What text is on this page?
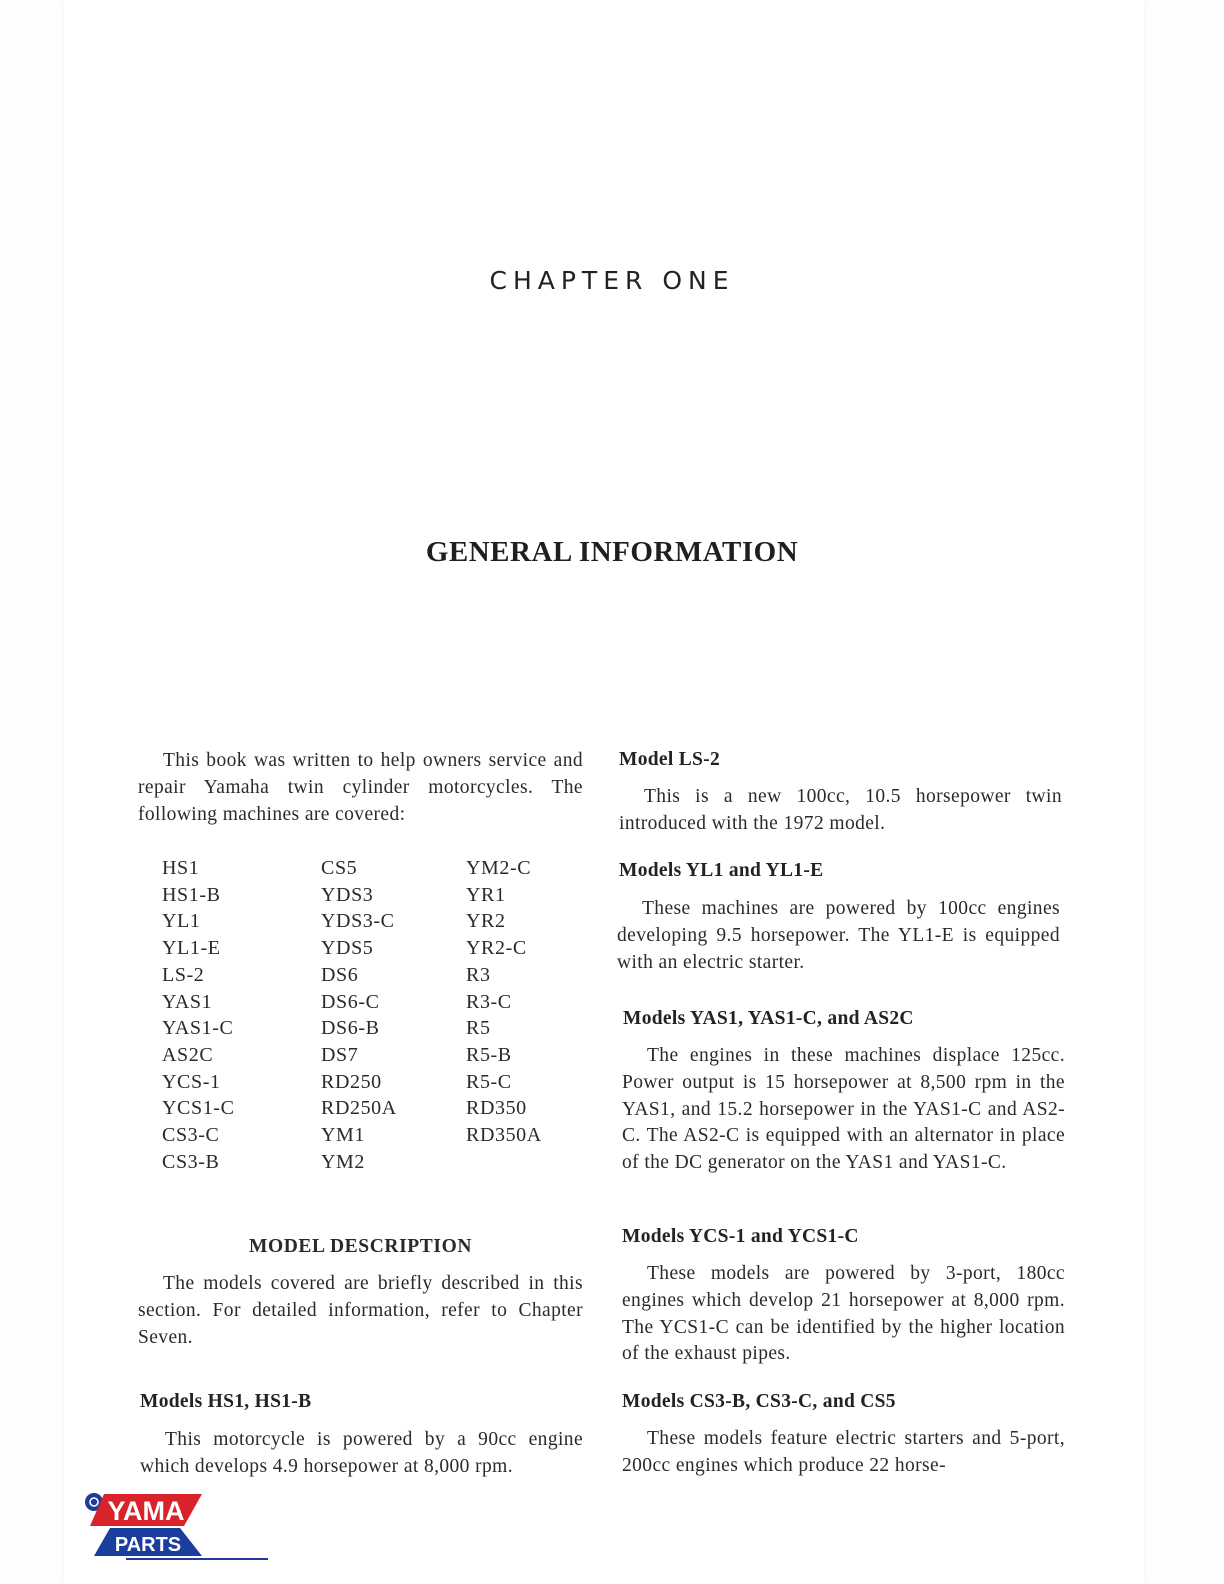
CHAPTER ONE
GENERAL INFORMATION

This book was written to help owners service and repair Yamaha twin cylinder motorcycles. The following machines are covered:

HS1
HS1-B
YL1
YL1-E
LS-2
YAS1
YAS1-C
AS2C
YCS-1
YCS1-C
CS3-C
CS3-B
CS5
YDS3
YDS3-C
YDS5
DS6
DS6-C
DS6-B
DS7
RD250
RD250A
YM1
YM2
YM2-C
YR1
YR2
YR2-C
R3
R3-C
R5
R5-B
R5-C
RD350
RD350A
MODEL DESCRIPTION

The models covered are briefly described in this section. For detailed information, refer to Chapter Seven.

Models HS1, HS1-B

This motorcycle is powered by a 90cc engine which develops 4.9 horsepower at 8,000 rpm.

Model LS-2

This is a new 100cc, 10.5 horsepower twin introduced with the 1972 model.

Models YL1 and YL1-E

These machines are powered by 100cc engines developing 9.5 horsepower. The YL1-E is equipped with an electric starter.

Models YAS1, YAS1-C, and AS2C

The engines in these machines displace 125cc. Power output is 15 horsepower at 8,500 rpm in the YAS1, and 15.2 horsepower in the YAS1-C and AS2-C. The AS2-C is equipped with an alternator in place of the DC generator on the YAS1 and YAS1-C.

Models YCS-1 and YCS1-C

These models are powered by 3-port, 180cc engines which develop 21 horsepower at 8,000 rpm. The YCS1-C can be identified by the higher location of the exhaust pipes.

Models CS3-B, CS3-C, and CS5

These models feature electric starters and 5-port, 200cc engines which produce 22 horse-

YAMA
PARTS
